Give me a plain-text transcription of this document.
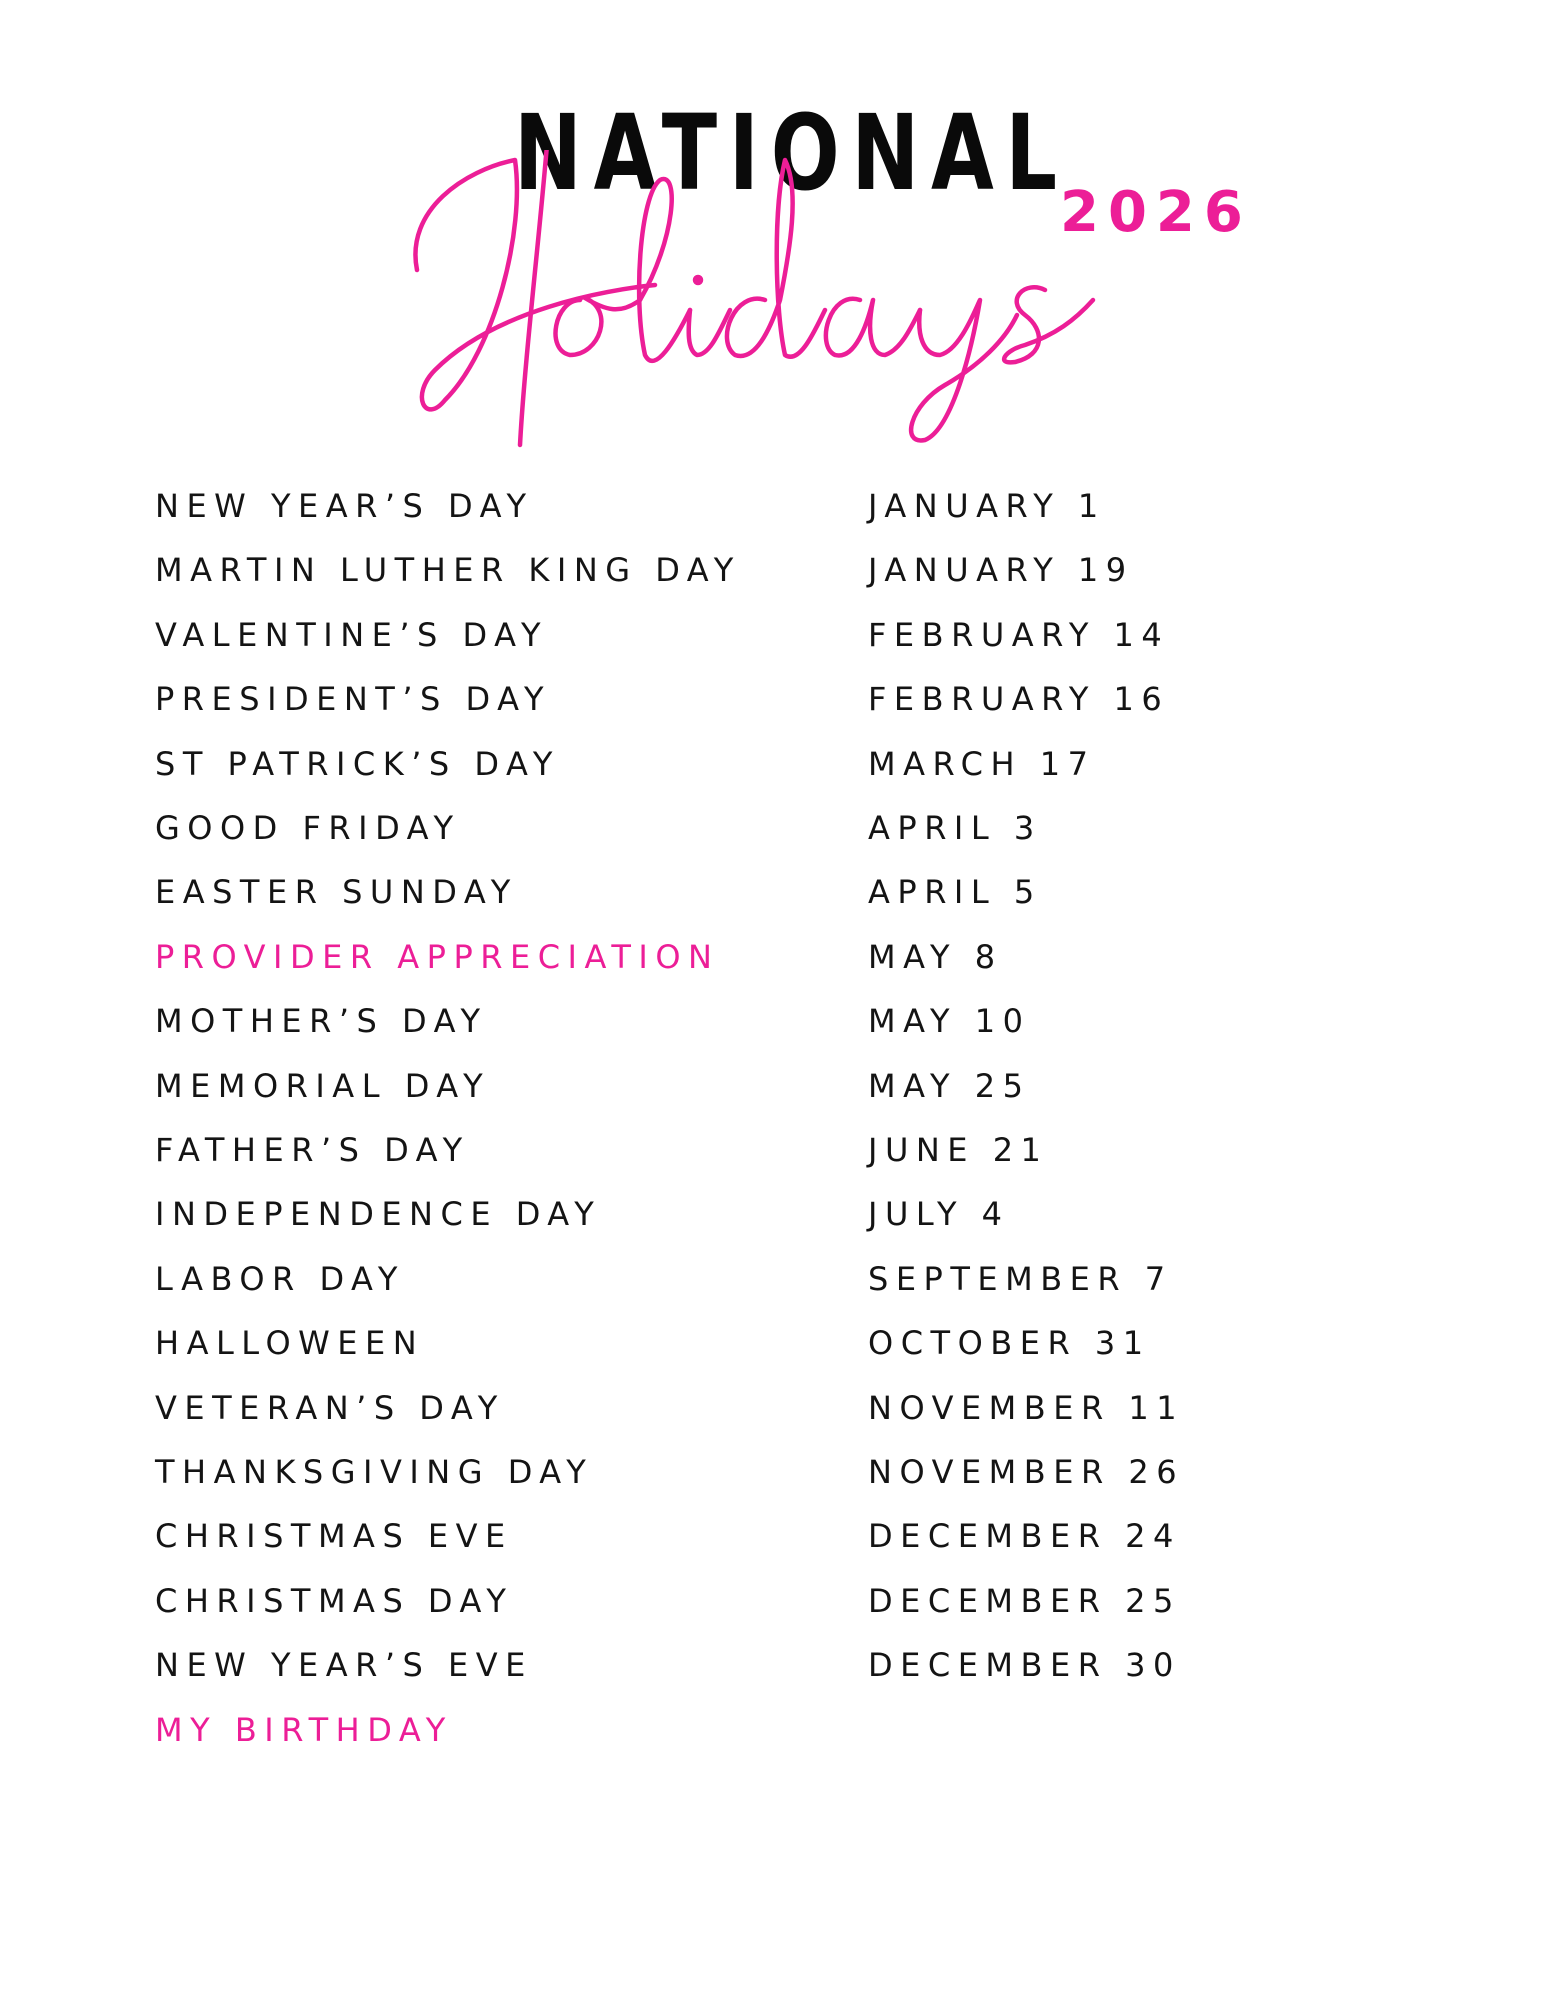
NATIONAL
2026
NEW YEAR’S DAY	JANUARY 1
MARTIN LUTHER KING DAY	JANUARY 19
VALENTINE’S DAY	FEBRUARY 14
PRESIDENT’S DAY	FEBRUARY 16
ST PATRICK’S DAY	MARCH 17
GOOD FRIDAY	APRIL 3
EASTER SUNDAY	APRIL 5
PROVIDER APPRECIATION	MAY 8
MOTHER’S DAY	MAY 10
MEMORIAL DAY	MAY 25
FATHER’S DAY	JUNE 21
INDEPENDENCE DAY	JULY 4
LABOR DAY	SEPTEMBER 7
HALLOWEEN	OCTOBER 31
VETERAN’S DAY	NOVEMBER 11
THANKSGIVING DAY	NOVEMBER 26
CHRISTMAS EVE	DECEMBER 24
CHRISTMAS DAY	DECEMBER 25
NEW YEAR’S EVE	DECEMBER 30
MY BIRTHDAY
